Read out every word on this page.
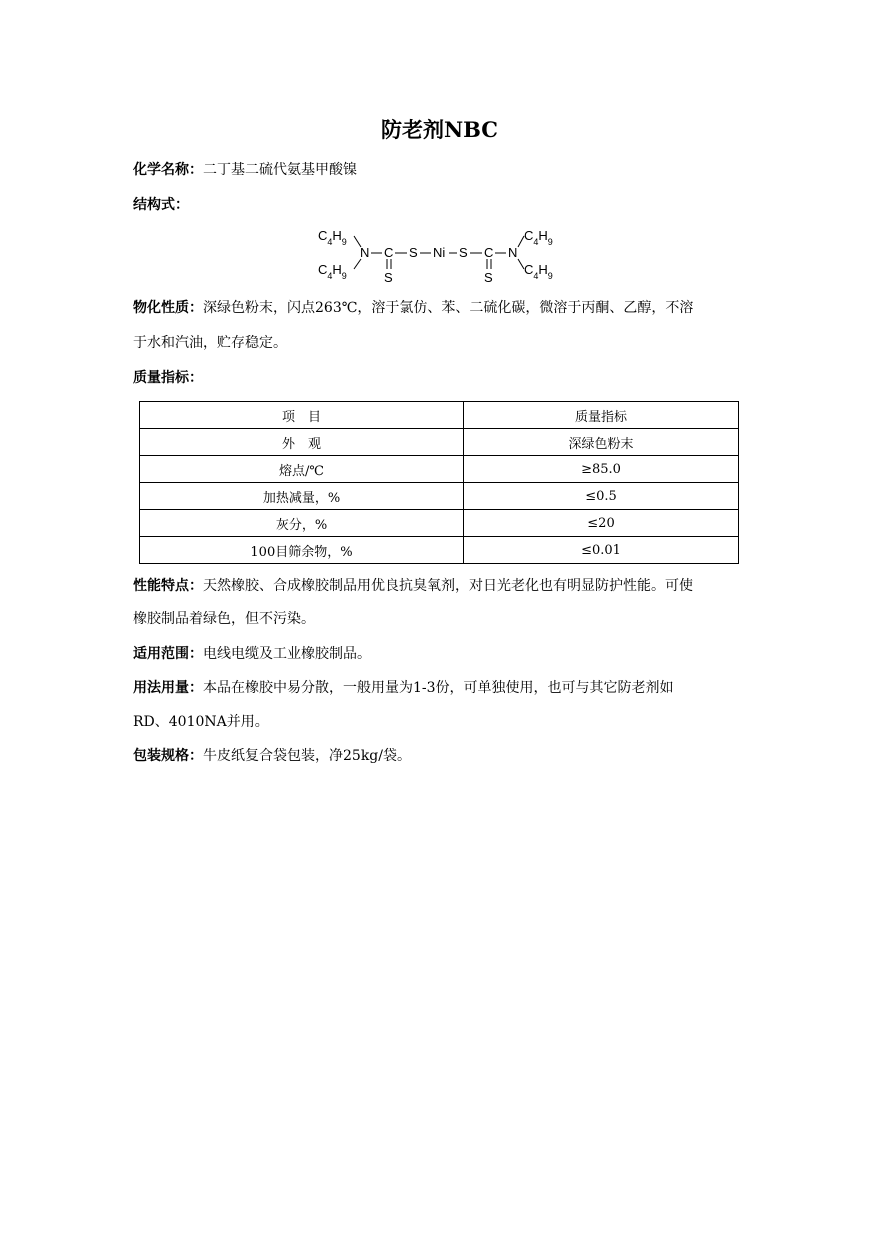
防老剂NBC
化学名称：二丁基二硫代氨基甲酸镍
结构式：
$C_4H_9$
$C_4H_9$
N C
S
S Ni S C
S
N
$C_4H_9$
$C_4H_9$
物化性质：深绿色粉末，闪点263℃，溶于氯仿、苯、二硫化碳，微溶于丙酮、乙醇，不溶
于水和汽油，贮存稳定。
质量指标：
项　目	质量指标
外　观	深绿色粉末
熔点/℃	≥85.0
加热减量，%	≤0.5
灰分，%	≤20
100目筛余物，%	≤0.01
性能特点：天然橡胶、合成橡胶制品用优良抗臭氧剂，对日光老化也有明显防护性能。可使
橡胶制品着绿色，但不污染。
适用范围：电线电缆及工业橡胶制品。
用法用量：本品在橡胶中易分散，一般用量为1-3份，可单独使用，也可与其它防老剂如
RD、4010NA并用。
包装规格：牛皮纸复合袋包装，净25kg/袋。
